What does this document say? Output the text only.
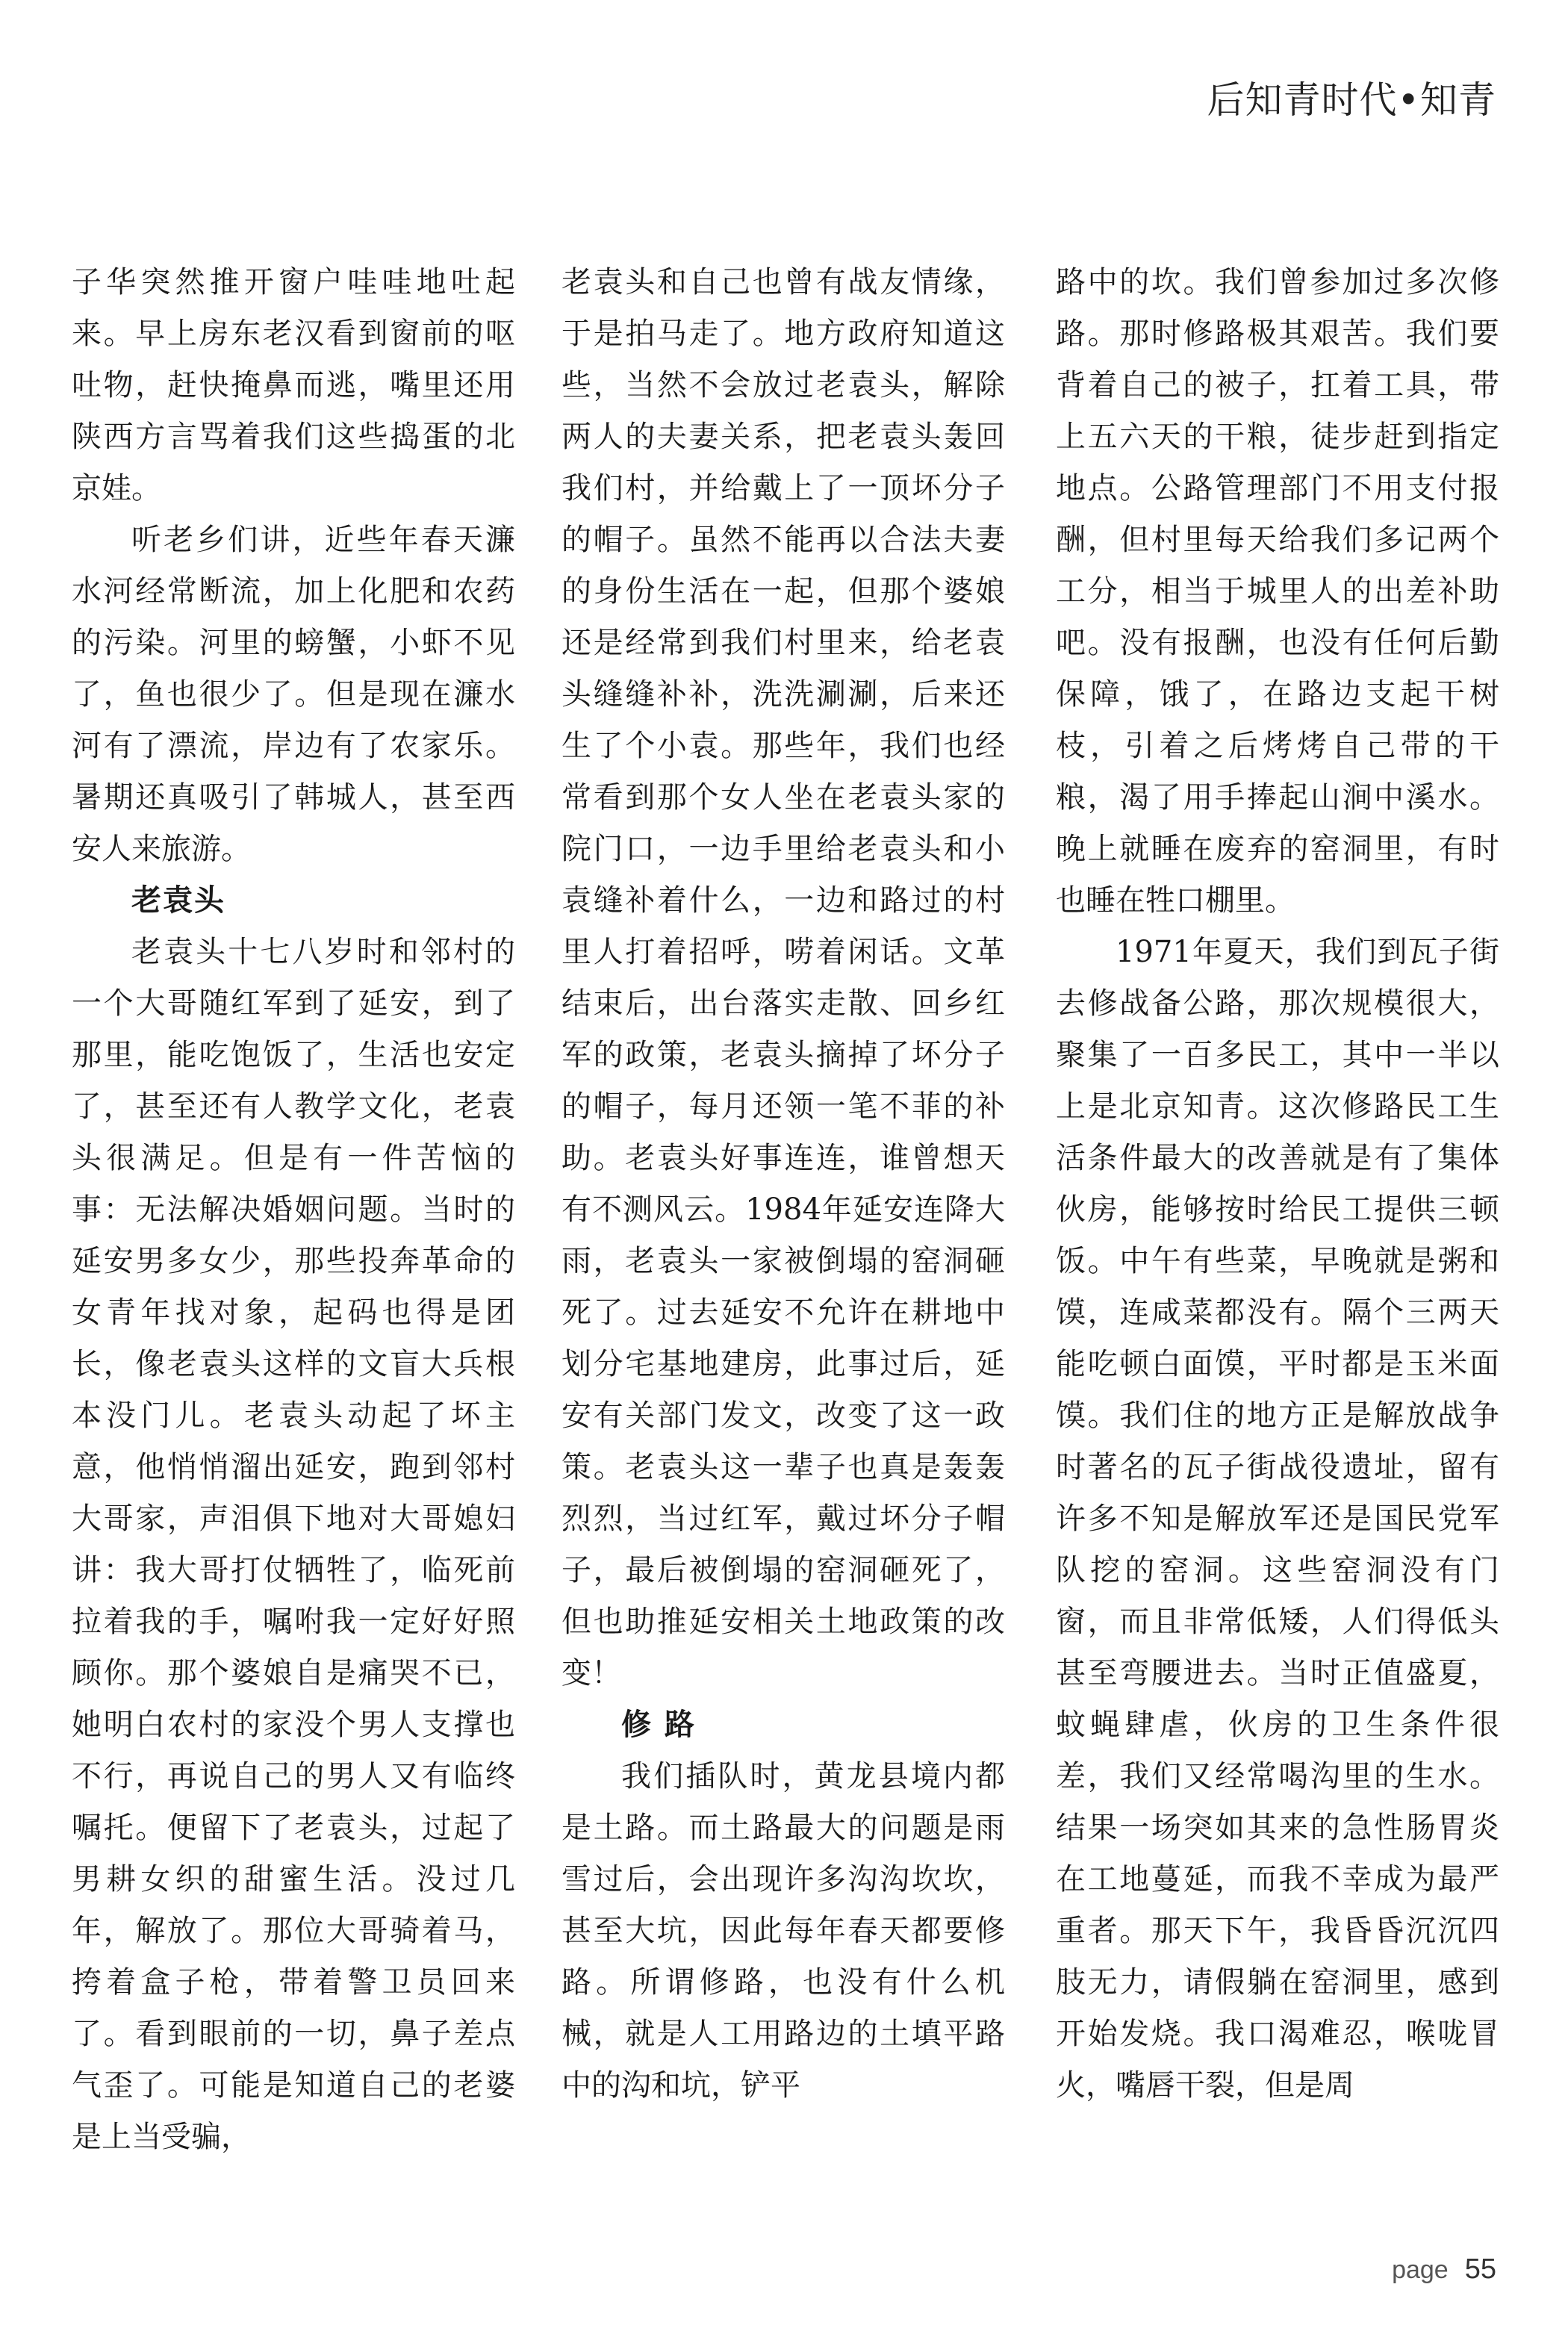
后知青时代•知青

子华突然推开窗户哇哇地吐起来。早上房东老汉看到窗前的呕吐物，赶快掩鼻而逃，嘴里还用陕西方言骂着我们这些捣蛋的北京娃。

听老乡们讲，近些年春天濂水河经常断流，加上化肥和农药的污染。河里的螃蟹，小虾不见了，鱼也很少了。但是现在濂水河有了漂流，岸边有了农家乐。暑期还真吸引了韩城人，甚至西安人来旅游。

老袁头

老袁头十七八岁时和邻村的一个大哥随红军到了延安，到了那里，能吃饱饭了，生活也安定了，甚至还有人教学文化，老袁头很满足。但是有一件苦恼的事：无法解决婚姻问题。当时的延安男多女少，那些投奔革命的女青年找对象，起码也得是团长，像老袁头这样的文盲大兵根本没门儿。老袁头动起了坏主意，他悄悄溜出延安，跑到邻村大哥家，声泪俱下地对大哥媳妇讲：我大哥打仗牺牲了，临死前拉着我的手，嘱咐我一定好好照顾你。那个婆娘自是痛哭不已，她明白农村的家没个男人支撑也不行，再说自己的男人又有临终嘱托。便留下了老袁头，过起了男耕女织的甜蜜生活。没过几年，解放了。那位大哥骑着马，挎着盒子枪，带着警卫员回来了。看到眼前的一切，鼻子差点气歪了。可能是知道自己的老婆是上当受骗，

老袁头和自己也曾有战友情缘，于是拍马走了。地方政府知道这些，当然不会放过老袁头，解除两人的夫妻关系，把老袁头轰回我们村，并给戴上了一顶坏分子的帽子。虽然不能再以合法夫妻的身份生活在一起，但那个婆娘还是经常到我们村里来，给老袁头缝缝补补，洗洗涮涮，后来还生了个小袁。那些年，我们也经常看到那个女人坐在老袁头家的院门口，一边手里给老袁头和小袁缝补着什么，一边和路过的村里人打着招呼，唠着闲话。文革结束后，出台落实走散、回乡红军的政策，老袁头摘掉了坏分子的帽子，每月还领一笔不菲的补助。老袁头好事连连，谁曾想天有不测风云。1984年延安连降大雨，老袁头一家被倒塌的窑洞砸死了。过去延安不允许在耕地中划分宅基地建房，此事过后，延安有关部门发文，改变了这一政策。老袁头这一辈子也真是轰轰烈烈，当过红军，戴过坏分子帽子，最后被倒塌的窑洞砸死了，但也助推延安相关土地政策的改变！

修 路

我们插队时，黄龙县境内都是土路。而土路最大的问题是雨雪过后，会出现许多沟沟坎坎，甚至大坑，因此每年春天都要修路。所谓修路，也没有什么机械，就是人工用路边的土填平路中的沟和坑，铲平

路中的坎。我们曾参加过多次修路。那时修路极其艰苦。我们要背着自己的被子，扛着工具，带上五六天的干粮，徒步赶到指定地点。公路管理部门不用支付报酬，但村里每天给我们多记两个工分，相当于城里人的出差补助吧。没有报酬，也没有任何后勤保障，饿了，在路边支起干树枝，引着之后烤烤自己带的干粮，渴了用手捧起山涧中溪水。晚上就睡在废弃的窑洞里，有时也睡在牲口棚里。

1971年夏天，我们到瓦子街去修战备公路，那次规模很大，聚集了一百多民工，其中一半以上是北京知青。这次修路民工生活条件最大的改善就是有了集体伙房，能够按时给民工提供三顿饭。中午有些菜，早晚就是粥和馍，连咸菜都没有。隔个三两天能吃顿白面馍，平时都是玉米面馍。我们住的地方正是解放战争时著名的瓦子街战役遗址，留有许多不知是解放军还是国民党军队挖的窑洞。这些窑洞没有门窗，而且非常低矮，人们得低头甚至弯腰进去。当时正值盛夏，蚊蝇肆虐，伙房的卫生条件很差，我们又经常喝沟里的生水。结果一场突如其来的急性肠胃炎在工地蔓延，而我不幸成为最严重者。那天下午，我昏昏沉沉四肢无力，请假躺在窑洞里，感到开始发烧。我口渴难忍，喉咙冒火，嘴唇干裂，但是周

page 55
